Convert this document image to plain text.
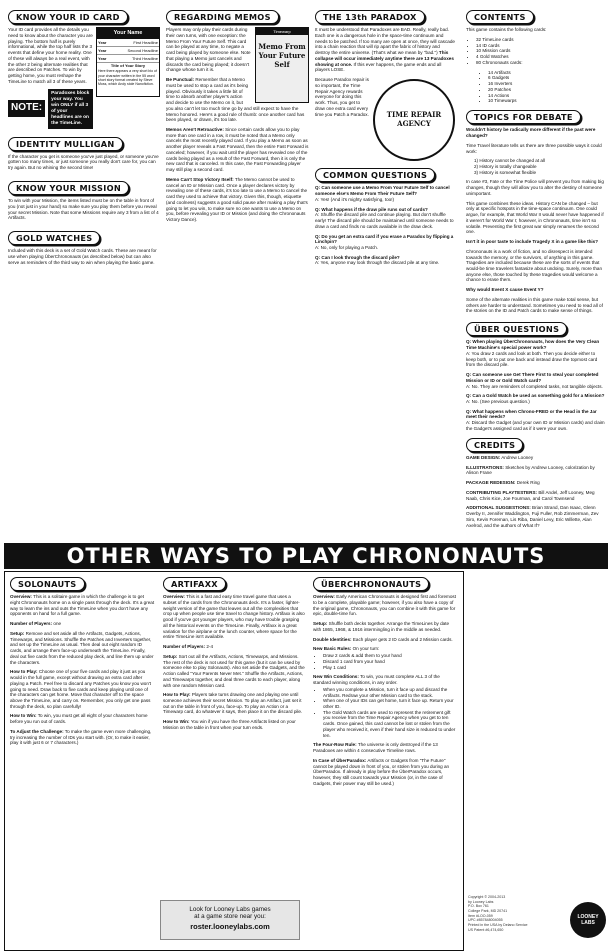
KNOW YOUR ID CARD
Your Name
Year	First Headline
Year	Second Headline
Year	Third Headline
Title of Your Story
Here there appears a very short bio of your character written in the 55 word short story format created by Steve Moss, which Andy stole Nanofiction.

Your ID card provides all the details you need to know about the character you are playing. The bottom half is purely informational, while the top half lists the 3 events that define your home reality. One of these will always be a real event, with the other 2 being alternate realities that are described on Patches. To win by getting home, you must reshape the TimeLine to match all 3 of these years.

NOTE:
Paradoxes block your way. You win ONLY if all 3 of your headlines are on the TimeLine.
IDENTITY MULLIGAN

If the character you get is someone you've just played, or someone you've gotten too many times, or just someone you really don't care for, you can try again. But no whining the second time!

KNOW YOUR MISSION

To win with your Mission, the items listed must be on the table in front of you (not just in your hand) so make sure you play them before you reveal your secret Mission. Note that some Missions require any 3 from a list of 4 Artifacts.

GOLD WATCHES

Included with this deck is a set of Gold Watch cards. These are meant for use when playing ÜberChrononauts (as described below) but can also serve as reminders of the third way to win when playing the basic game.

REGARDING MEMOS
Timewarp
Memo From Your Future Self

Players may only play their cards during their own turns, with one exception: the Memo From Your Future Self. This card can be played at any time, to negate a card being played by someone else. Note that playing a Memo just cancels and discards the card being played; it doesn't change whose turn it is.

Be Punctual: Remember that a Memo must be used to stop a card as it's being played. Obviously it takes a little bit of time to absorb another player's action and decide to use the Memo on it, but you also can't let too much time go by and still expect to have the Memo honored. Here's a good rule of thumb: once another card has been played, or drawn, it's too late.

Memos Aren't Retroactive: Since certain cards allow you to play more than one card in a row, it must be noted that a Memo only cancels the most recently played card. If you play a Memo as soon as another player reveals a Fast Forward, then the entire Fast Forward is canceled; however, if you wait until the player has revealed one of the cards being played as a result of the Fast Forward, then it is only the new card that is canceled. In this case, the Fast Forwarding player may still play a second card.

Memo Can't Stop Victory Itself: The Memo cannot be used to cancel an ID or Mission card. Once a player declares victory by revealing one of these cards, it's too late to use a Memo to cancel the card they used to achieve that victory. Given this, though, etiquette (and coolness) suggests a good solid pause after making a play that's going to let you win, to make sure no one wants to use a Memo on you, before revealing your ID or Mission (and doing the Chrononauts Victory Dance).

THE 13th PARADOX

It must be understood that Paradoxes are BAD. Really, really bad. Each one is a dangerous hole in the space-time continuum and needs to be patched. If too many are open at once, they will cascade into a chain reaction that will rip apart the fabric of history and destroy the entire universe. (That's what we mean by "bad.") This collapse will occur immediately anytime there are 13 Paradoxes showing at once. If this ever happens, the game ends and all players LOSE.

TIME REPAIR AGENCY

Because Paradox repair is so important, the Time Repair Agency rewards everyone for doing this work. Thus, you get to draw one extra card every time you Patch a Paradox.

COMMON QUESTIONS

Q: Can someone use a Memo From Your Future Self to cancel someone else's Memo From Their Future Self?
A: Yes! (And it's mighty satisfying, too!)

Q: What happens if the draw pile runs out of cards?
A: Shuffle the discard pile and continue playing. But don't shuffle early! The discard pile should be maintained until someone needs to draw a card and finds no cards available in the draw deck.

Q: Do you get an extra card if you erase a Paradox by flipping a Linchpin?
A: No, only for playing a Patch.

Q: Can I look through the discard pile?
A: Yes, anyone may look through the discard pile at any time.

CONTENTS

This game contains the following cards:

• 32 TimeLine cards
• 14 ID cards
• 10 Mission cards
• 4 Gold Watches
• 80 Chrononauts cards:
• 14 Artifacts
• 6 Gadgets
• 16 Inverters
• 20 Patches
• 14 Actions
• 10 Timewarps
TOPICS FOR DEBATE

Wouldn't history be radically more different if the past were changed?

Time Travel literature tells us there are three possible ways it could work:

1) History cannot be changed at all
2) History is totally changeable
3) History is somewhat flexible

In case #3, Fate or the Time Police will prevent you from making big changes, though they will allow you to alter the destiny of someone unimportant.

This game combines these ideas. History CAN be changed – but only at specific hotspots in the time-space continuum. One could argue, for example, that World War II would never have happened if it weren't for World War I; however, in Chrononauts, time isn't so volatile. Preventing the first great war simply renames the second one.

Isn't it in poor taste to include Tragedy X in a game like this?

Chrononauts is a work of fiction, and no disrespect is intended towards the memory, or the survivors, of anything in this game. Tragedies are included because these are the sorts of events that would-be time travelers fantasize about undoing. Surely, more than anyone else, those touched by these tragedies would welcome a chance to erase them.

Why would Event X cause Event Y?

Some of the alternate realities in this game make total sense, but others are harder to understand. Sometimes you need to read all of the stories on the ID and Patch cards to make sense of things.

ÜBER QUESTIONS

Q: When playing ÜberChrononauts, how does the Very Clean Time Machine's special power work?
A: You draw 2 cards and look at both. Then you decide either to keep both, or to put one back and instead draw the topmost card from the discard pile.

Q: Can someone use Get There First to steal your completed Mission or ID or Gold Watch card?
A: No. They are reminders of completed tasks, not tangible objects.

Q: Can a Gold Watch be used as something gold for a Mission?
A: No. (See previous question.)

Q: What happens when Chrono-FRED or the Head in the Jar meet their needs?
A: Discard the Gadget (and your own ID or Mission cards) and claim the Gadget's assigned card as if it were your own.

CREDITS

GAME DESIGN: Andrew Looney

ILLUSTRATIONS: Sketches by Andrew Looney, colorization by Alison Frane

PACKAGE REDESIGN: Derek Ring

CONTRIBUTING PLAYTESTERS: Bill Andel, Jeff Looney, Meg Naab, Chris Kice, Joe Fourman, and Carol Townsend

ADDITIONAL SUGGESTIONS: Brian Strand, Dan Isaac, Glenn Overby II, Jennifer Waddington, Fuji Fuller, Rob Zimmerman, Zev Siro, Kevin Foreman, Lis Riba, Daniel Levy, Eric Willette, Alan Axelrod, and the authors of What If?

OTHER WAYS TO PLAY CHRONONAUTS
SOLONAUTS

Overview: This is a solitaire game in which the challenge is to get eight Chrononauts home on a single pass through the deck. It's a great way to learn the ins and outs the TimeLine when you don't have any opponents on hand for a full game.

Number of Players: one

Setup: Remove and set aside all the Artifacts, Gadgets, Actions, Timewarps, and Missions. Shuffle the Patches and Inverters together, and set up the TimeLine as usual. Then deal out eight random ID cards, and arrange them face-up underneath the TimeLine. Finally, deal out five cards from the reduced play deck, and line them up under the characters.

How to Play: Choose one of your five cards and play it just as you would in the full game, except without drawing an extra card after playing a Patch. Feel free to discard any Patches you know you won't going to need. Draw back to five cards and keep playing until one of the characters can get home. Move that character off to the space above the TimeLine, and carry on. Remember, you only get one pass through the deck, so plan carefully!

How to Win: To win, you must get all eight of your characters home before you run out of cards.

To Adjust the Challenge: To make the game even more challenging, try increasing the number of IDs you start with. (Or, to make it easier, play it with just 6 or 7 characters.)

ARTIFAXX

Overview: This is a fast and easy time travel game that uses a subset of the cards from the Chrononauts deck. It's a faster, lighter-weight version of the game that leaves out all the complexities that crop up when people use time travel to change history. Artifaxx is also good if you've got younger players, who may have trouble grasping all the historical events on the TimeLine. Finally, Artifaxx is a great variation for the airplane or the lunch counter, where space for the entire TimeLine isn't available.

Number of Players: 2-4

Setup: Sort out all the Artifacts, Actions, Timewarps, and Missions. The rest of the deck is not used for this game (but it can be used by someone else to play Solonauts). Also set aside the Gadgets, and the Action called "Your Parents Never Met." Shuffle the Artifacts, Actions, and Timewarps together, and deal three cards to each player, along with one random Mission card.

How to Play: Players take turns drawing one and playing one until someone achieves their secret Mission. To play an Artifact, just set it out on the table in front of you, face-up. To play an Action or a Timewarp card, do whatever it says, then place it on the discard pile.

How to Win: You win if you have the three Artifacts listed on your Mission on the table in front when your turn ends.

ÜBERCHRONONAUTS

Overview: Early American Chrononauts is designed first and foremost to be a complete, playable game; however, if you also have a copy of the original game, Chrononauts, you can combine it with this game for epic, double-time fun.

Setup: Shuffle both decks together. Arrange the TimeLines by date with 1865, 1968, & 1916 intermingling in the middle as needed.

Double Identities: Each player gets 2 ID cards and 2 Mission cards.

New Basic Rules: On your turn:

• Draw 2 cards & add them to your hand
• Discard 1 card from your hand
• Play 1 card

New Win Conditions: To win, you must complete ALL 3 of the standard winning conditions, in any order.

• When you complete a Mission, turn it face up and discard the Artifacts. Redraw your other Mission card to the stack.
• When one of your IDs can get home, turn it face up. Return your other ID.
• The Gold Watch cards are used to represent the retirement gift you receive from the Time Repair Agency when you get to ten cards. Once gained, this card cannot be lost or stolen from the player who received it, even if their hand size is reduced to under ten.

The Four-Row Rule: The universe is only destroyed if the 13 Paradoxes are within 4 consecutive Timeline rows.

In Case of ÜberParadox: Artifacts or Gadgets from "The Future" cannot be played down in front of you, or stolen from you during an ÜberParadox. If already in play before the ÜberParadox occurs, however, they still count towards your Mission (or, in the case of Gadgets, their power may still be used.)

Look for Looney Labs games
at a game store near you:
roster.looneylabs.com
Copyright © 2004-2013
by Looney Labs
P.O. Box 761
College Park, MD 20741
Item #LOO-059
UPC #857848004055
Printed in the USA by Delano Service
US Patent #6,474,650
LOONEY LABS
